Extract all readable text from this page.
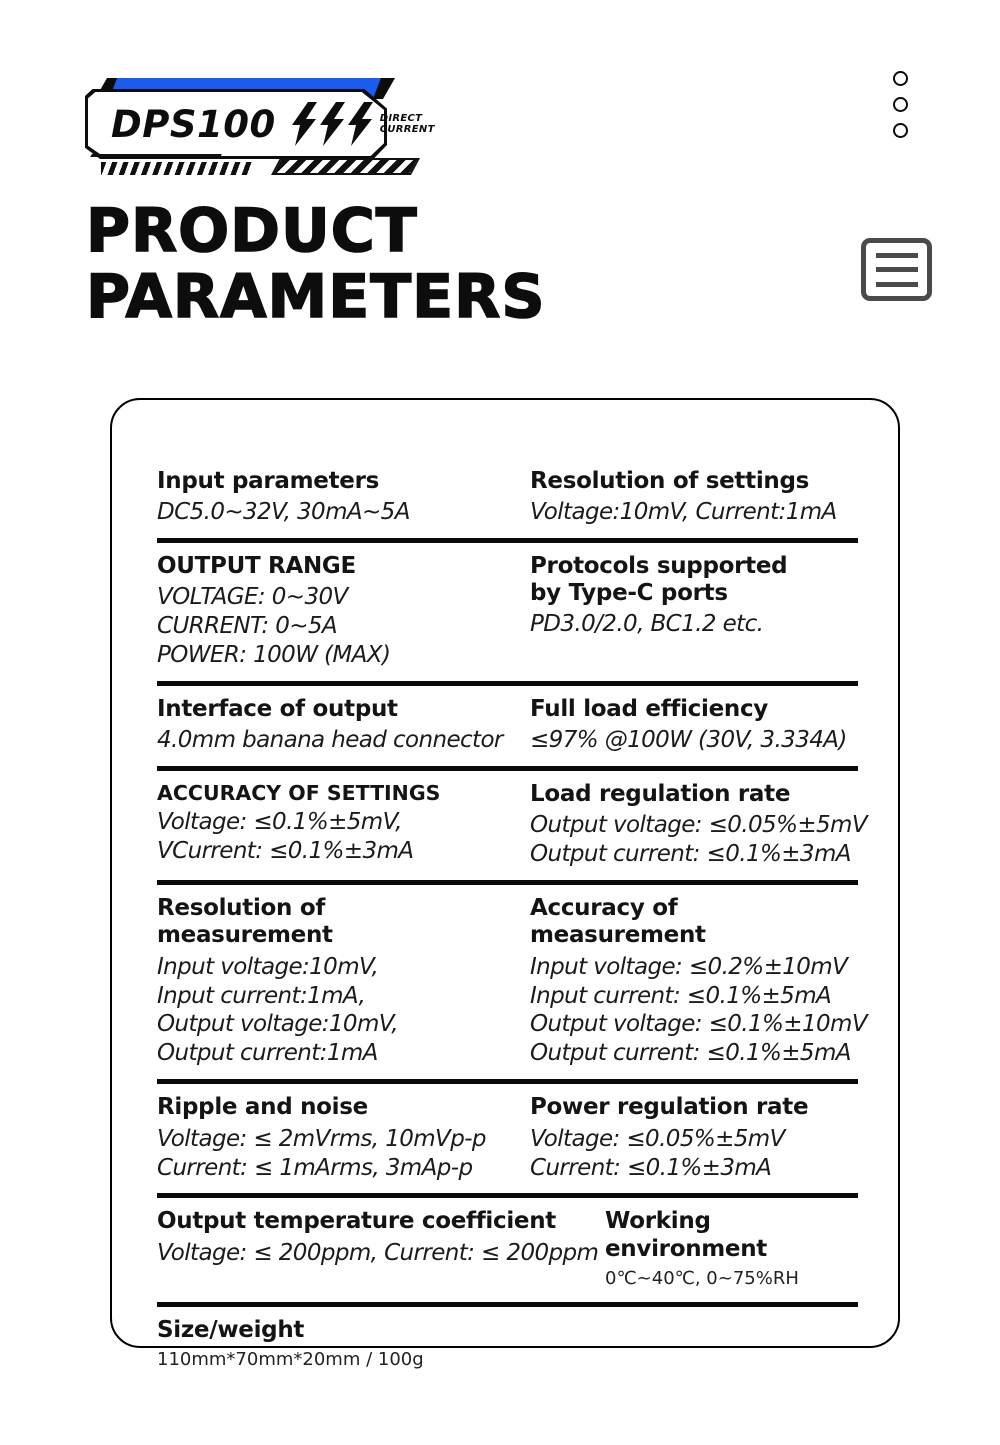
DPS100	DIRECT
CURRENT
PRODUCT
PARAMETERS
Input parameters
DC5.0~32V, 30mA~5A
Resolution of settings
Voltage:10mV, Current:1mA
OUTPUT RANGE
VOLTAGE: 0~30V
CURRENT: 0~5A
POWER: 100W (MAX)
Protocols supported by Type-C ports
PD3.0/2.0, BC1.2 etc.
Interface of output
4.0mm banana head connector
Full load efficiency
≤97% @100W (30V, 3.334A)
ACCURACY OF SETTINGS
Voltage: ≤0.1%±5mV,
VCurrent: ≤0.1%±3mA
Load regulation rate
Output voltage: ≤0.05%±5mV
Output current: ≤0.1%±3mA
Resolution of measurement
Input voltage:10mV,
Input current:1mA,
Output voltage:10mV,
Output current:1mA
Accuracy of measurement
Input voltage: ≤0.2%±10mV
Input current: ≤0.1%±5mA
Output voltage: ≤0.1%±10mV
Output current: ≤0.1%±5mA
Ripple and noise
Voltage: ≤ 2mVrms, 10mVp-p
Current: ≤ 1mArms, 3mAp-p
Power regulation rate
Voltage: ≤0.05%±5mV
Current: ≤0.1%±3mA
Output temperature coefficient
Voltage: ≤ 200ppm, Current: ≤ 200ppm
Working environment
0℃~40℃, 0~75%RH
Size/weight
110mm*70mm*20mm / 100g
